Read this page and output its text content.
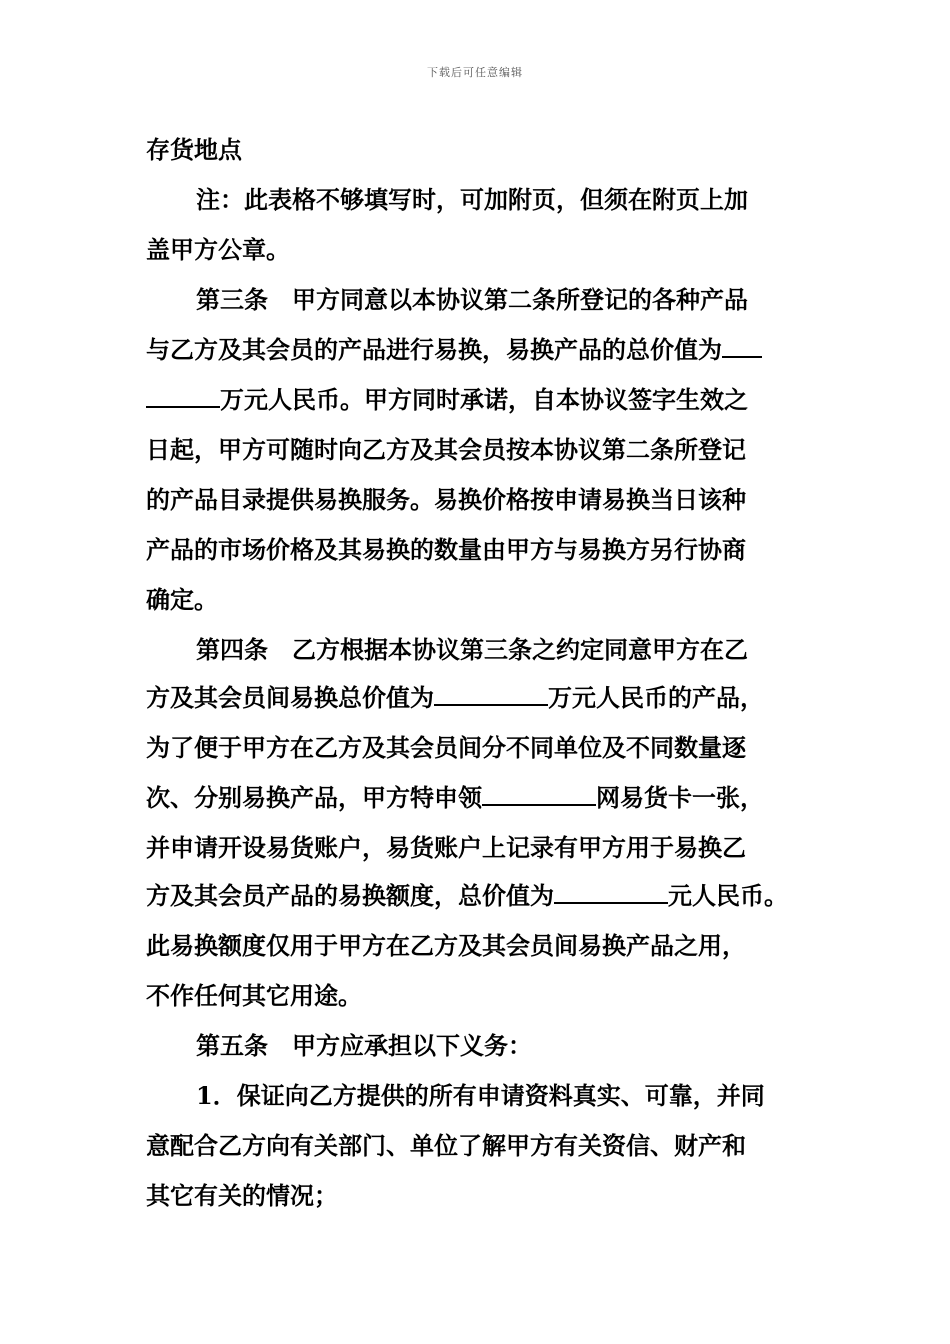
下载后可任意编辑
存货地点
注：此表格不够填写时，可加附页，但须在附页上加
盖甲方公章。
第三条　甲方同意以本协议第二条所登记的各种产品
与乙方及其会员的产品进行易换，易换产品的总价值为
万元人民币。甲方同时承诺，自本协议签字生效之
日起，甲方可随时向乙方及其会员按本协议第二条所登记
的产品目录提供易换服务。易换价格按申请易换当日该种
产品的市场价格及其易换的数量由甲方与易换方另行协商
确定。
第四条　乙方根据本协议第三条之约定同意甲方在乙
方及其会员间易换总价值为	万元人民币的产品，
为了便于甲方在乙方及其会员间分不同单位及不同数量逐
次、分别易换产品，甲方特申领	网易货卡一张，
并申请开设易货账户，易货账户上记录有甲方用于易换乙
方及其会员产品的易换额度，总价值为	元人民币。
此易换额度仅用于甲方在乙方及其会员间易换产品之用，
不作任何其它用途。
第五条　甲方应承担以下义务：
1．保证向乙方提供的所有申请资料真实、可靠，并同
意配合乙方向有关部门、单位了解甲方有关资信、财产和
其它有关的情况；
